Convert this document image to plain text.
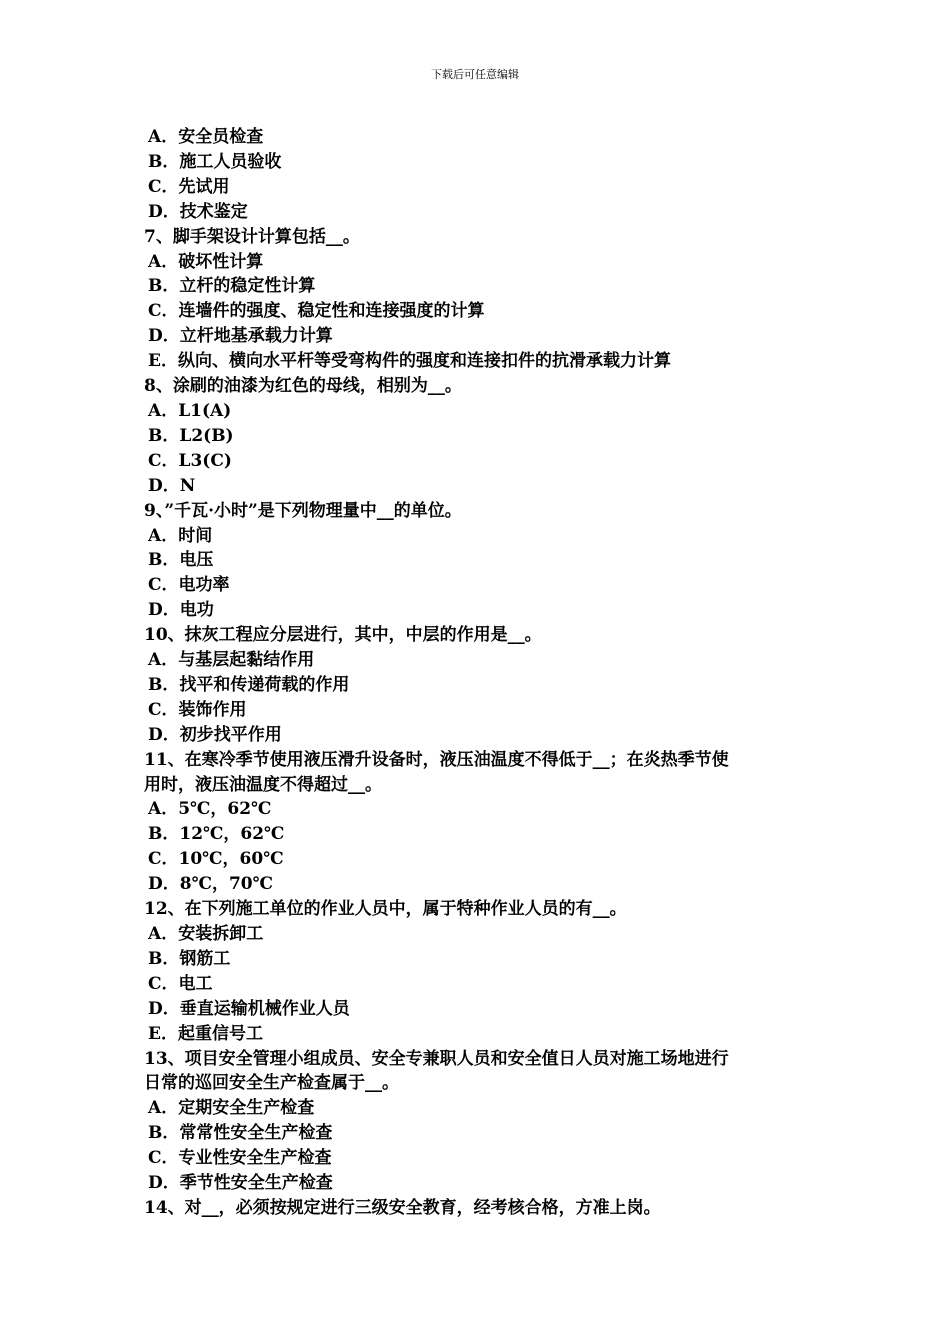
下载后可任意编辑
A．安全员检查
B．施工人员验收
C．先试用
D．技术鉴定
7、脚手架设计计算包括__。
A．破坏性计算
B．立杆的稳定性计算
C．连墙件的强度、稳定性和连接强度的计算
D．立杆地基承载力计算
E．纵向、横向水平杆等受弯构件的强度和连接扣件的抗滑承载力计算
8、涂刷的油漆为红色的母线，相别为__。
A．L1(A)
B．L2(B)
C．L3(C)
D．N
9、”千瓦·小时”是下列物理量中__的单位。
A．时间
B．电压
C．电功率
D．电功
10、抹灰工程应分层进行，其中，中层的作用是__。
A．与基层起黏结作用
B．找平和传递荷载的作用
C．装饰作用
D．初步找平作用
11、在寒冷季节使用液压滑升设备时，液压油温度不得低于__；在炎热季节使
用时，液压油温度不得超过__。
A．5℃，62℃
B．12℃，62℃
C．10℃，60℃
D．8℃，70℃
12、在下列施工单位的作业人员中，属于特种作业人员的有__。
A．安装拆卸工
B．钢筋工
C．电工
D．垂直运输机械作业人员
E．起重信号工
13、项目安全管理小组成员、安全专兼职人员和安全值日人员对施工场地进行
日常的巡回安全生产检查属于__。
A．定期安全生产检查
B．常常性安全生产检查
C．专业性安全生产检查
D．季节性安全生产检查
14、对__，必须按规定进行三级安全教育，经考核合格，方准上岗。
